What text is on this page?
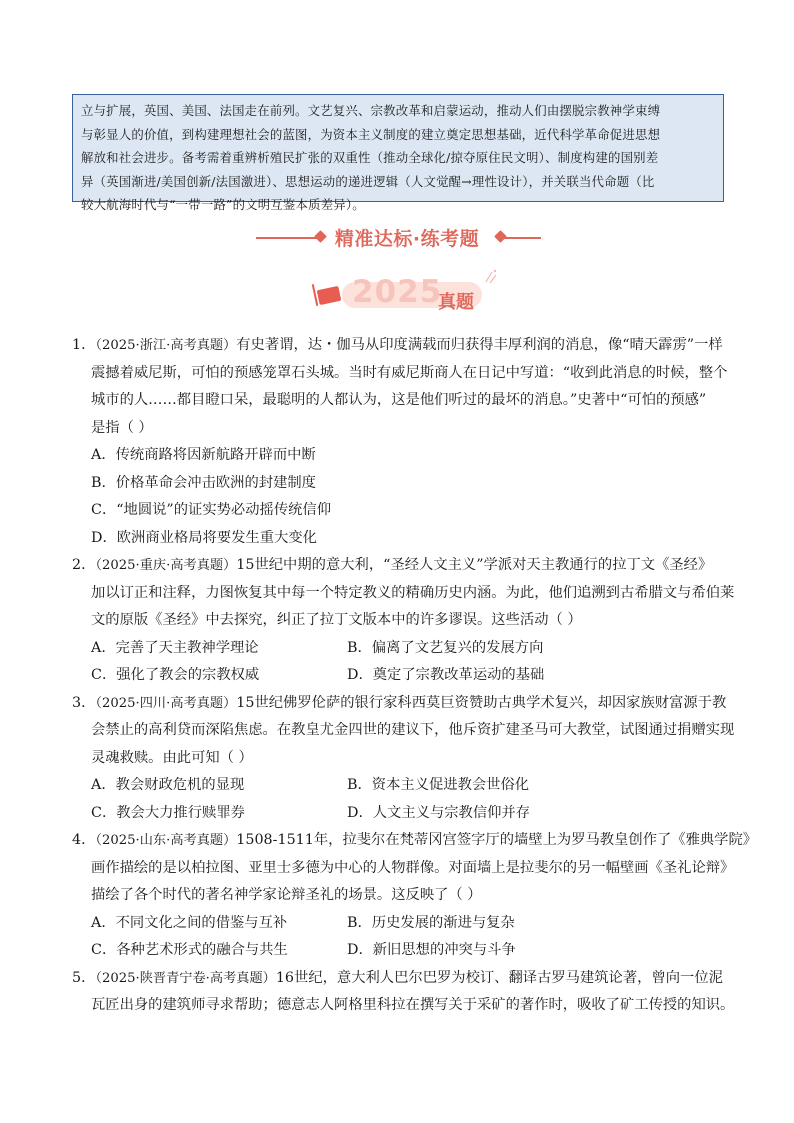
立与扩展，英国、美国、法国走在前列。文艺复兴、宗教改革和启蒙运动，推动人们由摆脱宗教神学束缚
与彰显人的价值，到构建理想社会的蓝图，为资本主义制度的建立奠定思想基础，近代科学革命促进思想
解放和社会进步。备考需着重辨析殖民扩张的双重性（推动全球化/掠夺原住民文明）、制度构建的国别差
异（英国渐进/美国创新/法国激进）、思想运动的递进逻辑（人文觉醒→理性设计），并关联当代命题（比
较大航海时代与“一带一路”的文明互鉴本质差异）。
精准达标·练考题
2025
真题
1．（2025·浙江·高考真题）有史著谓，达・伽马从印度满载而归获得丰厚利润的消息，像“晴天霹雳”一样
震撼着威尼斯，可怕的预感笼罩石头城。当时有威尼斯商人在日记中写道：“收到此消息的时候，整个
城市的人……都目瞪口呆，最聪明的人都认为，这是他们听过的最坏的消息。”史著中“可怕的预感”
是指（ ）
A．传统商路将因新航路开辟而中断
B．价格革命会冲击欧洲的封建制度
C．“地圆说”的证实势必动摇传统信仰
D．欧洲商业格局将要发生重大变化
2．（2025·重庆·高考真题）15世纪中期的意大利，“圣经人文主义”学派对天主教通行的拉丁文《圣经》
加以订正和注释，力图恢复其中每一个特定教义的精确历史内涵。为此，他们追溯到古希腊文与希伯莱
文的原版《圣经》中去探究，纠正了拉丁文版本中的许多谬误。这些活动（ ）
A．完善了天主教神学理论	B．偏离了文艺复兴的发展方向
C．强化了教会的宗教权威	D．奠定了宗教改革运动的基础
3．（2025·四川·高考真题）15世纪佛罗伦萨的银行家科西莫巨资赞助古典学术复兴，却因家族财富源于教
会禁止的高利贷而深陷焦虑。在教皇尤金四世的建议下，他斥资扩建圣马可大教堂，试图通过捐赠实现
灵魂救赎。由此可知（ ）
A．教会财政危机的显现	B．资本主义促进教会世俗化
C．教会大力推行赎罪券	D．人文主义与宗教信仰并存
4．（2025·山东·高考真题）1508-1511年，拉斐尔在梵蒂冈宫签字厅的墙壁上为罗马教皇创作了《雅典学院》
画作描绘的是以柏拉图、亚里士多德为中心的人物群像。对面墙上是拉斐尔的另一幅壁画《圣礼论辩》
描绘了各个时代的著名神学家论辩圣礼的场景。这反映了（ ）
A．不同文化之间的借鉴与互补	B．历史发展的渐进与复杂
C．各种艺术形式的融合与共生	D．新旧思想的冲突与斗争
5．（2025·陕晋青宁卷·高考真题）16世纪，意大利人巴尔巴罗为校订、翻译古罗马建筑论著，曾向一位泥
瓦匠出身的建筑师寻求帮助；德意志人阿格里科拉在撰写关于采矿的著作时，吸收了矿工传授的知识。
